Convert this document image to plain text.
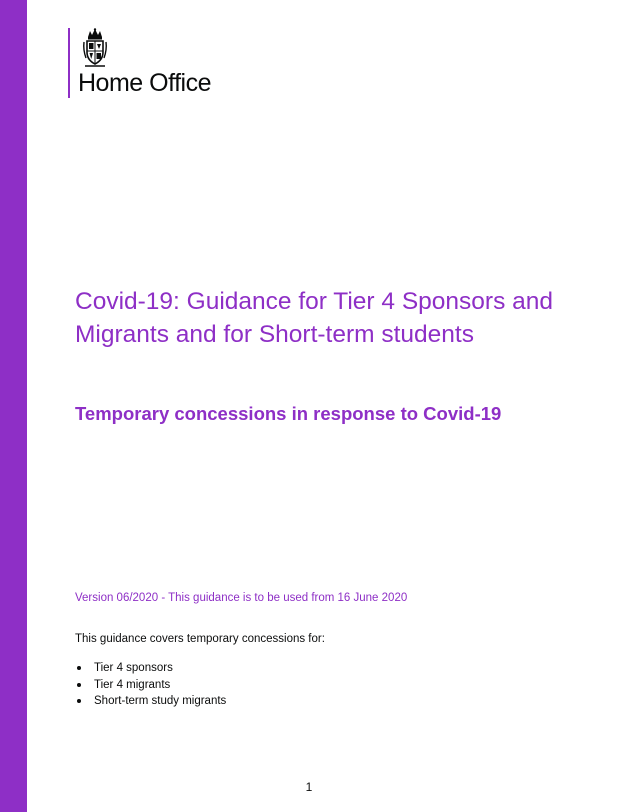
Home Office
Covid-19: Guidance for Tier 4 Sponsors and Migrants and for Short-term students
Temporary concessions in response to Covid-19

Version 06/2020 - This guidance is to be used from 16 June 2020

This guidance covers temporary concessions for:

Tier 4 sponsors
Tier 4 migrants
Short-term study migrants
1
